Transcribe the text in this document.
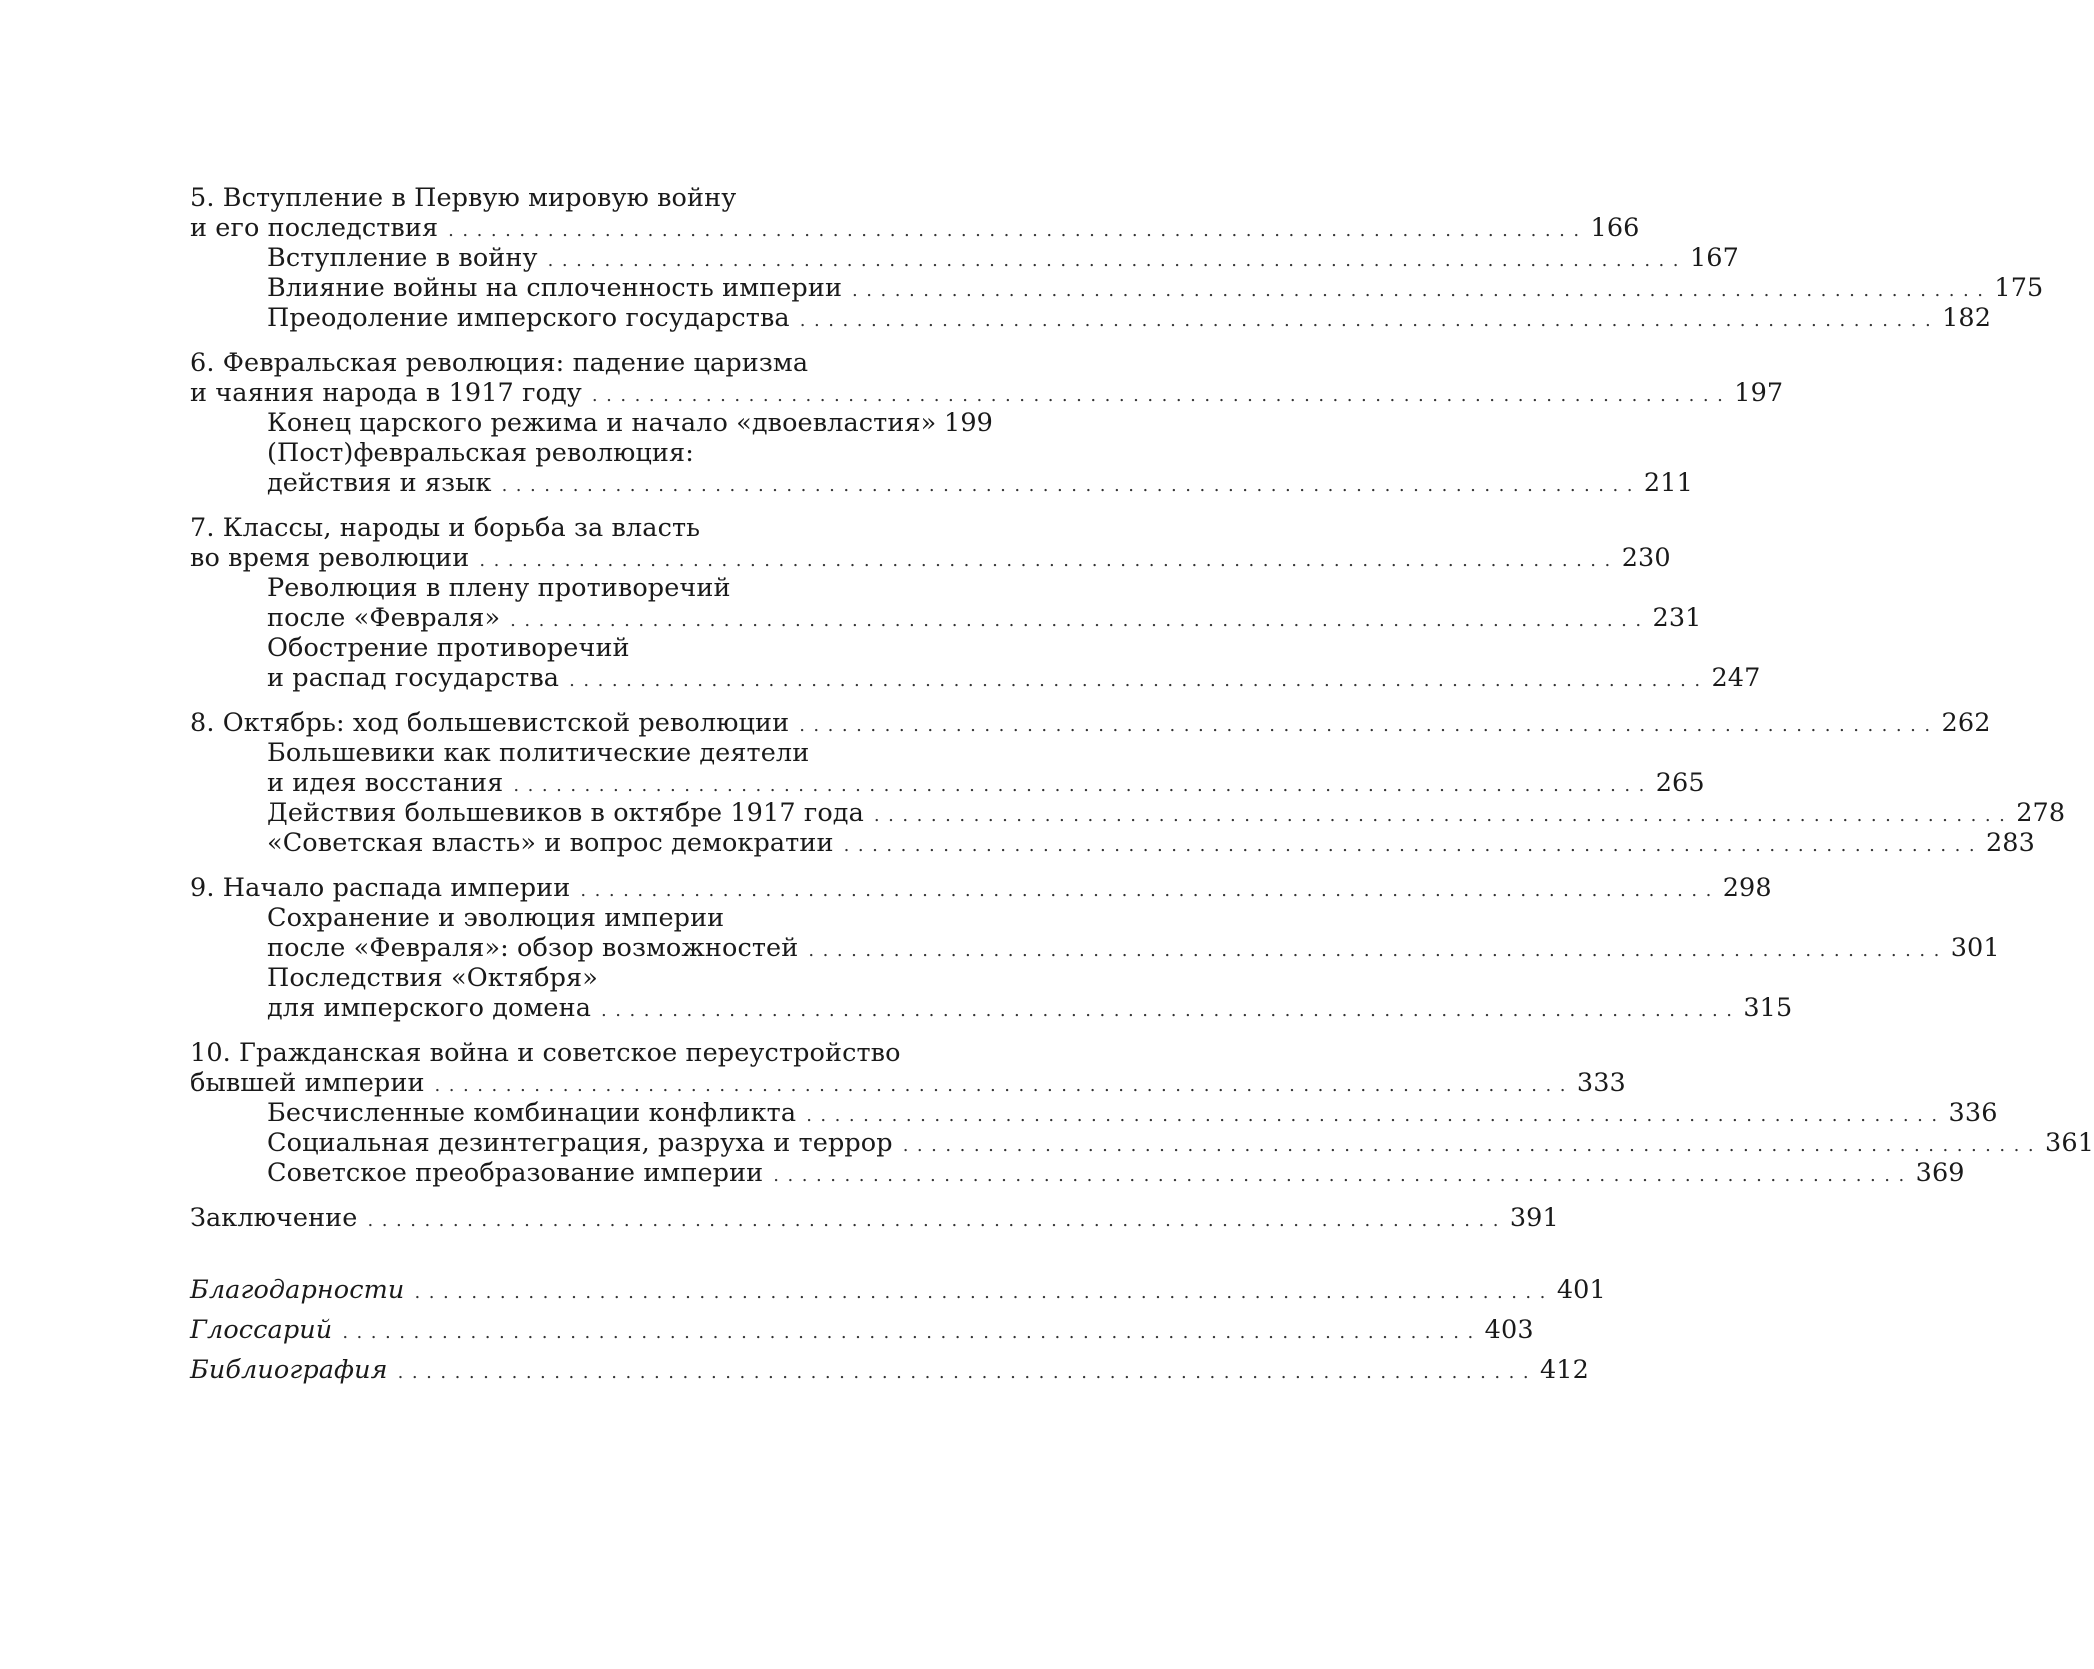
5. Вступление в Первую мировую войну
и его последствия . . . . . . . . . . . . . . . . . . . . . . . . . . . . . . . . . . . . . . . . . . . . . . . . . . . . . . . . . . . . . . . . . . . . . . . . . . . . . . . . 166
Вступление в войну . . . . . . . . . . . . . . . . . . . . . . . . . . . . . . . . . . . . . . . . . . . . . . . . . . . . . . . . . . . . . . . . . . . . . . . . . . . . . . . . 167
Влияние войны на сплоченность империи . . . . . . . . . . . . . . . . . . . . . . . . . . . . . . . . . . . . . . . . . . . . . . . . . . . . . . . . . . . . . . . . . . . . . . . . . . . . . . . . 175
Преодоление имперского государства . . . . . . . . . . . . . . . . . . . . . . . . . . . . . . . . . . . . . . . . . . . . . . . . . . . . . . . . . . . . . . . . . . . . . . . . . . . . . . . . 182
6. Февральская революция: падение царизма
и чаяния народа в 1917 году . . . . . . . . . . . . . . . . . . . . . . . . . . . . . . . . . . . . . . . . . . . . . . . . . . . . . . . . . . . . . . . . . . . . . . . . . . . . . . . . 197
Конец царского режима и начало «двоевластия» 199
(Пост)февральская революция:
действия и язык . . . . . . . . . . . . . . . . . . . . . . . . . . . . . . . . . . . . . . . . . . . . . . . . . . . . . . . . . . . . . . . . . . . . . . . . . . . . . . . . 211
7. Классы, народы и борьба за власть
во время революции . . . . . . . . . . . . . . . . . . . . . . . . . . . . . . . . . . . . . . . . . . . . . . . . . . . . . . . . . . . . . . . . . . . . . . . . . . . . . . . . 230
Революция в плену противоречий
после «Февраля» . . . . . . . . . . . . . . . . . . . . . . . . . . . . . . . . . . . . . . . . . . . . . . . . . . . . . . . . . . . . . . . . . . . . . . . . . . . . . . . . 231
Обострение противоречий
и распад государства . . . . . . . . . . . . . . . . . . . . . . . . . . . . . . . . . . . . . . . . . . . . . . . . . . . . . . . . . . . . . . . . . . . . . . . . . . . . . . . . 247
8. Октябрь: ход большевистской революции . . . . . . . . . . . . . . . . . . . . . . . . . . . . . . . . . . . . . . . . . . . . . . . . . . . . . . . . . . . . . . . . . . . . . . . . . . . . . . . . 262
Большевики как политические деятели
и идея восстания . . . . . . . . . . . . . . . . . . . . . . . . . . . . . . . . . . . . . . . . . . . . . . . . . . . . . . . . . . . . . . . . . . . . . . . . . . . . . . . . 265
Действия большевиков в октябре 1917 года . . . . . . . . . . . . . . . . . . . . . . . . . . . . . . . . . . . . . . . . . . . . . . . . . . . . . . . . . . . . . . . . . . . . . . . . . . . . . . . . 278
«Советская власть» и вопрос демократии . . . . . . . . . . . . . . . . . . . . . . . . . . . . . . . . . . . . . . . . . . . . . . . . . . . . . . . . . . . . . . . . . . . . . . . . . . . . . . . . 283
9. Начало распада империи . . . . . . . . . . . . . . . . . . . . . . . . . . . . . . . . . . . . . . . . . . . . . . . . . . . . . . . . . . . . . . . . . . . . . . . . . . . . . . . . 298
Сохранение и эволюция империи
после «Февраля»: обзор возможностей . . . . . . . . . . . . . . . . . . . . . . . . . . . . . . . . . . . . . . . . . . . . . . . . . . . . . . . . . . . . . . . . . . . . . . . . . . . . . . . . 301
Последствия «Октября»
для имперского домена . . . . . . . . . . . . . . . . . . . . . . . . . . . . . . . . . . . . . . . . . . . . . . . . . . . . . . . . . . . . . . . . . . . . . . . . . . . . . . . . 315
10. Гражданская война и советское переустройство
бывшей империи . . . . . . . . . . . . . . . . . . . . . . . . . . . . . . . . . . . . . . . . . . . . . . . . . . . . . . . . . . . . . . . . . . . . . . . . . . . . . . . . 333
Бесчисленные комбинации конфликта . . . . . . . . . . . . . . . . . . . . . . . . . . . . . . . . . . . . . . . . . . . . . . . . . . . . . . . . . . . . . . . . . . . . . . . . . . . . . . . . 336
Социальная дезинтеграция, разруха и террор . . . . . . . . . . . . . . . . . . . . . . . . . . . . . . . . . . . . . . . . . . . . . . . . . . . . . . . . . . . . . . . . . . . . . . . . . . . . . . . . 361
Советское преобразование империи . . . . . . . . . . . . . . . . . . . . . . . . . . . . . . . . . . . . . . . . . . . . . . . . . . . . . . . . . . . . . . . . . . . . . . . . . . . . . . . . 369
Заключение . . . . . . . . . . . . . . . . . . . . . . . . . . . . . . . . . . . . . . . . . . . . . . . . . . . . . . . . . . . . . . . . . . . . . . . . . . . . . . . . 391
Благодарности . . . . . . . . . . . . . . . . . . . . . . . . . . . . . . . . . . . . . . . . . . . . . . . . . . . . . . . . . . . . . . . . . . . . . . . . . . . . . . . . 401
Глоссарий . . . . . . . . . . . . . . . . . . . . . . . . . . . . . . . . . . . . . . . . . . . . . . . . . . . . . . . . . . . . . . . . . . . . . . . . . . . . . . . . 403
Библиография . . . . . . . . . . . . . . . . . . . . . . . . . . . . . . . . . . . . . . . . . . . . . . . . . . . . . . . . . . . . . . . . . . . . . . . . . . . . . . . . 412
